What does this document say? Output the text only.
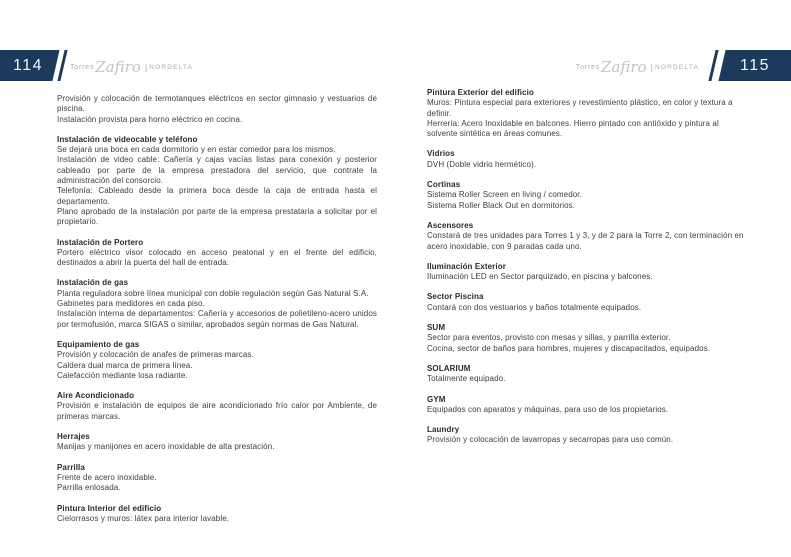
114	Torres Zafiro | NORDELTA	115
Torres Zafiro | NORDELTA

Provisión y colocación de termotanques eléctricos en sector gimnasio y vestuarios de piscina.

Instalación provista para horno eléctrico en cocina.

Instalación de videocable y teléfono

Se dejará una boca en cada dormitorio y en estar comedor para los mismos.

Instalación de video cable: Cañería y cajas vacías listas para conexión y posterior cableado por parte de la empresa prestadora del servicio, que contrate la administración del consorcio.

Telefonía: Cableado desde la primera boca desde la caja de entrada hasta el departamento.

Plano aprobado de la instalación por parte de la empresa prestataria a solicitar por el propietario.

Instalación de Portero

Portero eléctrico visor colocado en acceso peatonal y en el frente del edificio, destinados a abrir la puerta del hall de entrada.

Instalación de gas

Planta reguladora sobre línea municipal con doble regulación según Gas Natural S.A.

Gabinetes para medidores en cada piso.

Instalación interna de departamentos: Cañería y accesorios de polietileno-acero unidos por termofusión, marca SIGAS o similar, aprobados según normas de Gas Natural.

Equipamiento de gas

Provisión y colocación de anafes de primeras marcas.

Caldera dual marca de primera línea.

Calefacción mediante losa radiante.

Aire Acondicionado

Provisión e instalación de equipos de aire acondicionado frío calor por Ambiente, de primeras marcas.

Herrajes

Manijas y manijones en acero inoxidable de alta prestación.

Parrilla

Frente de acero inoxidable.

Parrilla enlosada.

Pintura Interior del edificio

Cielorrasos y muros: látex para interior lavable.

Pintura Exterior del edificio

Muros: Pintura especial para exteriores y revestimiento plástico, en color y textura a definir.

Herrería: Acero Inoxidable en balcones. Hierro pintado con antióxido y pintura al solvente sintética en áreas comunes.

Vidrios

DVH (Doble vidrio hermético).

Cortinas

Sistema Roller Screen en living / comedor.

Sistema Roller Black Out en dormitorios.

Ascensores

Constará de tres unidades para Torres 1 y 3, y de 2 para la Torre 2, con terminación en acero inoxidable, con 9 paradas cada uno.

Iluminación Exterior

Iluminación LED en Sector parquizado, en piscina y balcones.

Sector Piscina

Contará con dos vestuarios y baños totalmente equipados.

SUM

Sector para eventos, provisto con mesas y sillas, y parrilla exterior.

Cocina, sector de baños para hombres, mujeres y discapacitados, equipados.

SOLARIUM

Totalmente equipado.

GYM

Equipados con aparatos y máquinas, para uso de los propietarios.

Laundry

Provisión y colocación de lavarropas y secarropas para uso común.
